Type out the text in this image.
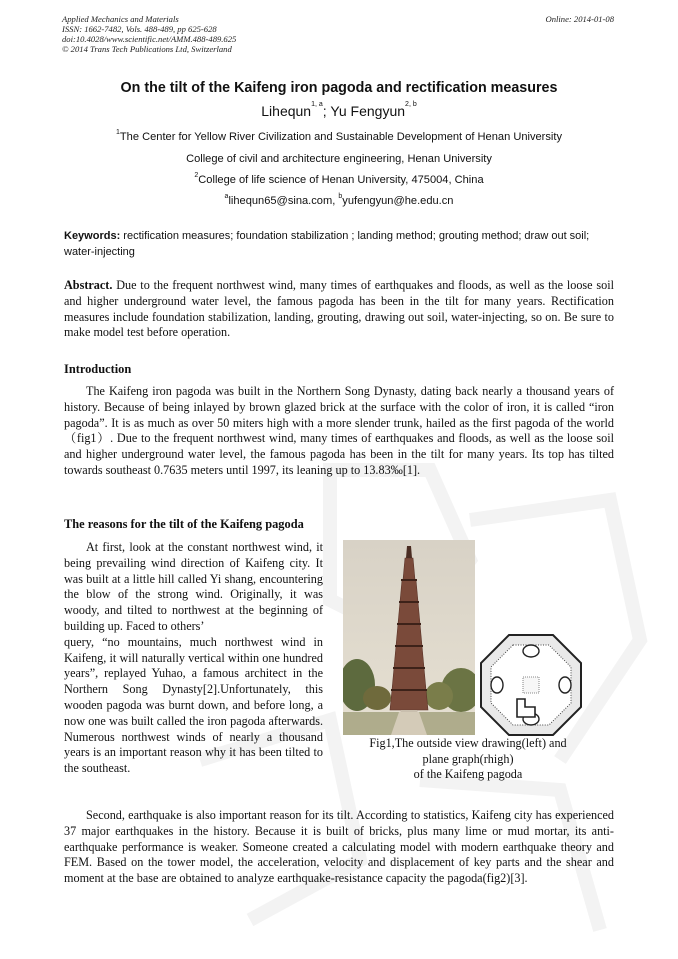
Applied Mechanics and Materials
ISSN: 1662-7482, Vols. 488-489, pp 625-628
doi:10.4028/www.scientific.net/AMM.488-489.625
© 2014 Trans Tech Publications Ltd, Switzerland
Online: 2014-01-08
On the tilt of the Kaifeng iron pagoda and rectification measures
Lihequn$^{1, a}$; Yu Fengyun$^{2, b}$
$^1$The Center for Yellow River Civilization and Sustainable Development of Henan University
College of civil and architecture engineering, Henan University
$^2$College of life science of Henan University, 475004, China
$^a$lihequn65@sina.com, $^b$yufengyun@he.edu.cn
Keywords: rectification measures; foundation stabilization ; landing method; grouting method; draw out soil; water-injecting

Abstract. Due to the frequent northwest wind, many times of earthquakes and floods, as well as the loose soil and higher underground water level, the famous pagoda has been in the tilt for many years. Rectification measures include foundation stabilization, landing, grouting, drawing out soil, water-injecting, so on. Be sure to make model test before operation.

Introduction

The Kaifeng iron pagoda was built in the Northern Song Dynasty, dating back nearly a thousand years of history. Because of being inlayed by brown glazed brick at the surface with the color of iron, it is called “iron pagoda”. It is as much as over 50 miters high with a more slender trunk, hailed as the first pagoda of the world（fig1）. Due to the frequent northwest wind, many times of earthquakes and floods, as well as the loose soil and higher underground water level, the famous pagoda has been in the tilt for many years. Its top has tilted towards southeast 0.7635 meters until 1997, its leaning up to 13.83‰[1].

The reasons for the tilt of the Kaifeng pagoda

At first, look at the constant northwest wind, it being prevailing wind direction of Kaifeng city. It was built at a little hill called Yi shang, encountering the blow of the strong wind. Originally, it was woody, and tilted to northwest at the beginning of building up. Faced to others’

query, “no mountains, much northwest wind in Kaifeng, it will naturally vertical within one hundred years”, replayed Yuhao, a famous architect in the Northern Song Dynasty[2].Unfortunately, this wooden pagoda was burnt down, and before long, a now one was built called the iron pagoda afterwards. Numerous northwest winds of nearly a thousand years is an important reason why it has been tilted to the southeast.

Fig1,The outside view drawing(left) and
plane graph(rhigh)
of the Kaifeng pagoda

Second, earthquake is also important reason for its tilt. According to statistics, Kaifeng city has experienced 37 major earthquakes in the history. Because it is built of bricks, plus many lime or mud mortar, its anti-earthquake performance is weaker. Someone created a calculating model with modern earthquake theory and FEM. Based on the tower model, the acceleration, velocity and displacement of key parts and the shear and moment at the base are obtained to analyze earthquake-resistance capacity the pagoda(fig2)[3].
